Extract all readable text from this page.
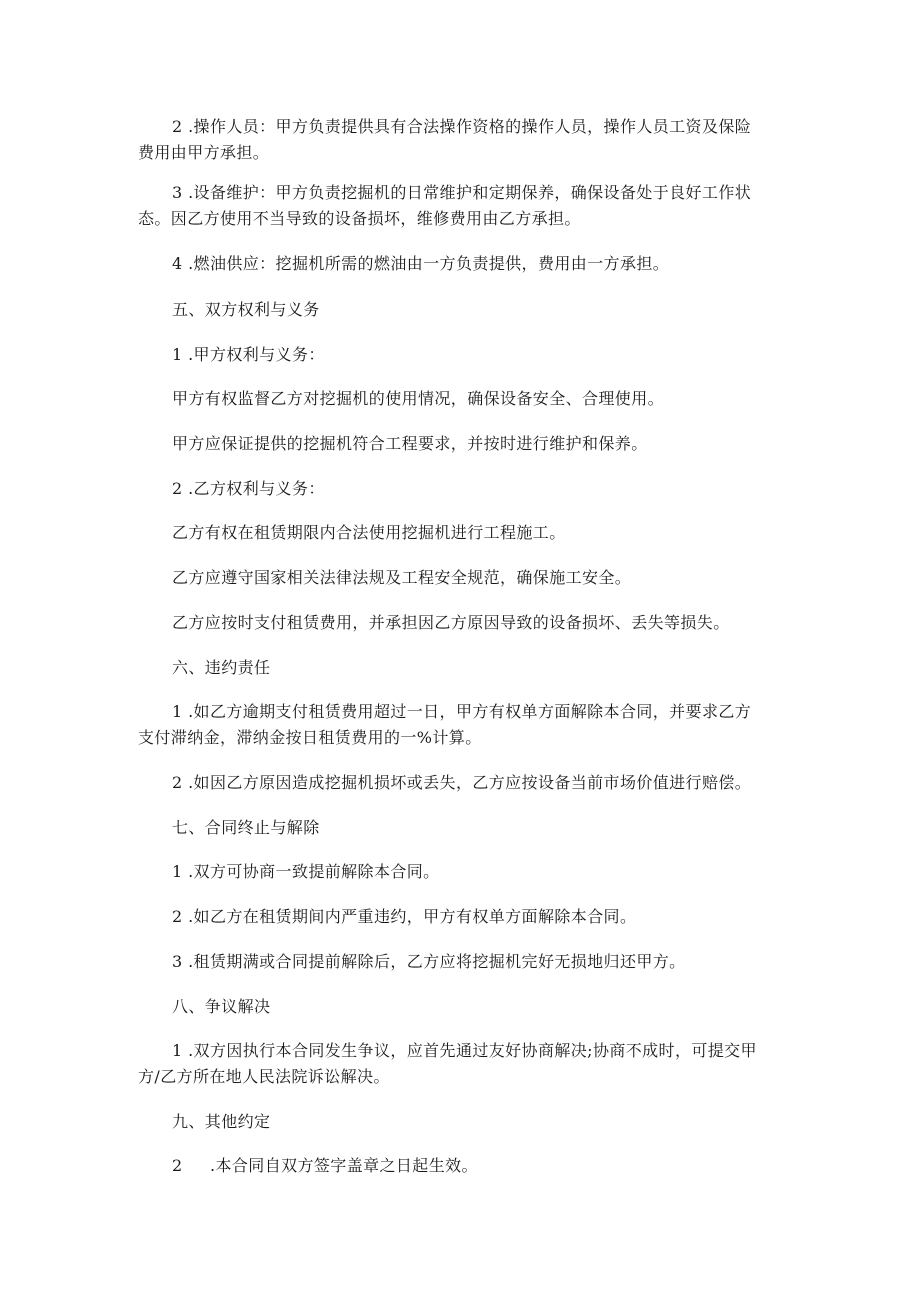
2 .操作人员：甲方负责提供具有合法操作资格的操作人员，操作人员工资及保险
费用由甲方承担。
3 .设备维护：甲方负责挖掘机的日常维护和定期保养，确保设备处于良好工作状
态。因乙方使用不当导致的设备损坏，维修费用由乙方承担。
4 .燃油供应：挖掘机所需的燃油由一方负责提供，费用由一方承担。
五、双方权利与义务
1 .甲方权利与义务：
甲方有权监督乙方对挖掘机的使用情况，确保设备安全、合理使用。
甲方应保证提供的挖掘机符合工程要求，并按时进行维护和保养。
2 .乙方权利与义务：
乙方有权在租赁期限内合法使用挖掘机进行工程施工。
乙方应遵守国家相关法律法规及工程安全规范，确保施工安全。
乙方应按时支付租赁费用，并承担因乙方原因导致的设备损坏、丢失等损失。
六、违约责任
1 .如乙方逾期支付租赁费用超过一日，甲方有权单方面解除本合同，并要求乙方
支付滞纳金，滞纳金按日租赁费用的一%计算。
2 .如因乙方原因造成挖掘机损坏或丢失，乙方应按设备当前市场价值进行赔偿。
七、合同终止与解除
1 .双方可协商一致提前解除本合同。
2 .如乙方在租赁期间内严重违约，甲方有权单方面解除本合同。
3 .租赁期满或合同提前解除后，乙方应将挖掘机完好无损地归还甲方。
八、争议解决
1 .双方因执行本合同发生争议，应首先通过友好协商解决;协商不成时，可提交甲
方/乙方所在地人民法院诉讼解决。
九、其他约定
2     .本合同自双方签字盖章之日起生效。
